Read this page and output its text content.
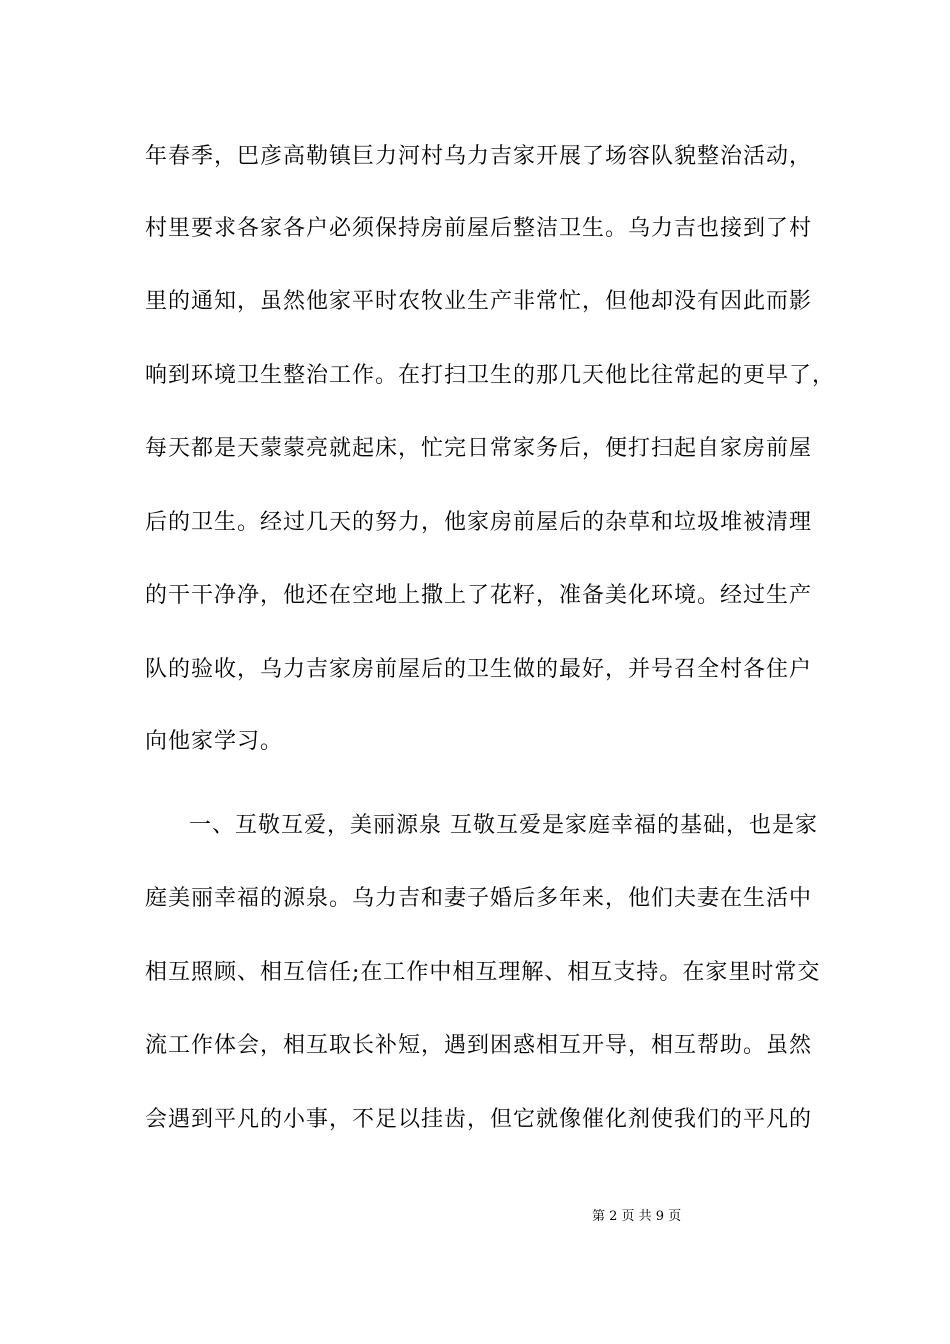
年春季，巴彦高勒镇巨力河村乌力吉家开展了场容队貌整治活动，
村里要求各家各户必须保持房前屋后整洁卫生。乌力吉也接到了村
里的通知，虽然他家平时农牧业生产非常忙，但他却没有因此而影
响到环境卫生整治工作。在打扫卫生的那几天他比往常起的更早了，
每天都是天蒙蒙亮就起床，忙完日常家务后，便打扫起自家房前屋
后的卫生。经过几天的努力，他家房前屋后的杂草和垃圾堆被清理
的干干净净，他还在空地上撒上了花籽，准备美化环境。经过生产
队的验收，乌力吉家房前屋后的卫生做的最好，并号召全村各住户
向他家学习。
一、互敬互爱，美丽源泉 互敬互爱是家庭幸福的基础，也是家
庭美丽幸福的源泉。乌力吉和妻子婚后多年来，他们夫妻在生活中
相互照顾、相互信任;在工作中相互理解、相互支持。在家里时常交
流工作体会，相互取长补短，遇到困惑相互开导，相互帮助。虽然
会遇到平凡的小事，不足以挂齿，但它就像催化剂使我们的平凡的
第 2 页 共 9 页
